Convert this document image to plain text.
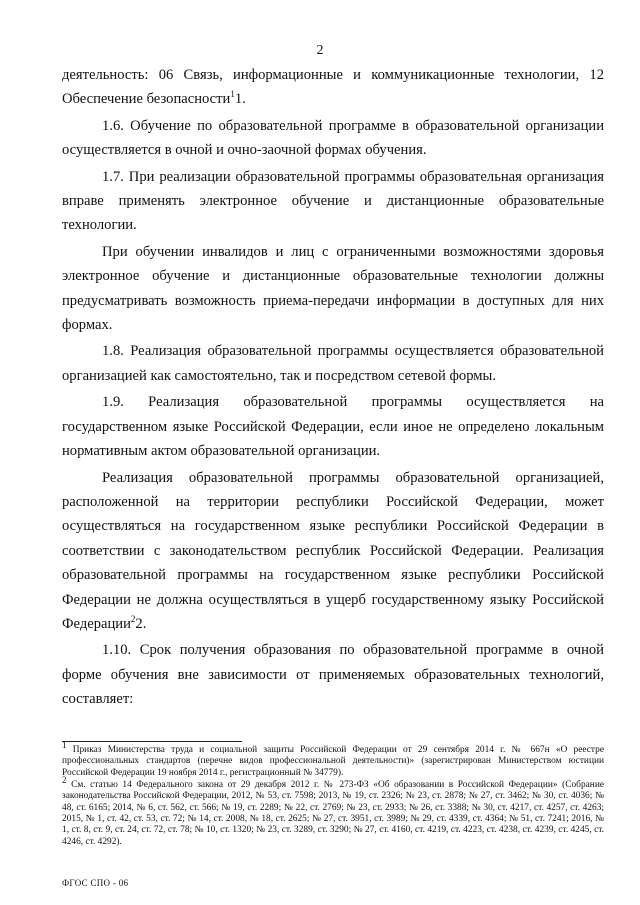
2

деятельность: 06 Связь, информационные и коммуникационные технологии, 12 Обеспечение безопасности$^1$1.

1.6. Обучение по образовательной программе в образовательной организации осуществляется в очной и очно-заочной формах обучения.

1.7. При реализации образовательной программы образовательная организация вправе применять электронное обучение и дистанционные образовательные технологии.

При обучении инвалидов и лиц с ограниченными возможностями здоровья электронное обучение и дистанционные образовательные технологии должны предусматривать возможность приема-передачи информации в доступных для них формах.

1.8. Реализация образовательной программы осуществляется образовательной организацией как самостоятельно, так и посредством сетевой формы.

1.9. Реализация образовательной программы осуществляется на государственном языке Российской Федерации, если иное не определено локальным нормативным актом образовательной организации.

Реализация образовательной программы образовательной организацией, расположенной на территории республики Российской Федерации, может осуществляться на государственном языке республики Российской Федерации в соответствии с законодательством республик Российской Федерации. Реализация образовательной программы на государственном языке республики Российской Федерации не должна осуществляться в ущерб государственному языку Российской Федерации$^2$2.

1.10. Срок получения образования по образовательной программе в очной форме обучения вне зависимости от применяемых образовательных технологий, составляет:

$^1$ Приказ Министерства труда и социальной защиты Российской Федерации от 29 сентября 2014 г. № 667н «О реестре профессиональных стандартов (перечне видов профессиональной деятельности)» (зарегистрирован Министерством юстиции Российской Федерации 19 ноября 2014 г., регистрационный № 34779).
$^2$ См. статью 14 Федерального закона от 29 декабря 2012 г. № 273-ФЗ «Об образовании в Российской Федерации» (Собрание законодательства Российской Федерации, 2012, № 53, ст. 7598; 2013, № 19, ст. 2326; № 23, ст. 2878; № 27, ст. 3462; № 30, ст. 4036; № 48, ст. 6165; 2014, № 6, ст. 562, ст. 566; № 19, ст. 2289; № 22, ст. 2769; № 23, ст. 2933; № 26, ст. 3388; № 30, ст. 4217, ст. 4257, ст. 4263; 2015, № 1, ст. 42, ст. 53, ст. 72; № 14, ст. 2008, № 18, ст. 2625; № 27, ст. 3951, ст. 3989; № 29, ст. 4339, ст. 4364; № 51, ст. 7241; 2016, № 1, ст. 8, ст. 9, ст. 24, ст. 72, ст. 78; № 10, ст. 1320; № 23, ст. 3289, ст. 3290; № 27, ст. 4160, ст. 4219, ст. 4223, ст. 4238, ст. 4239, ст. 4245, ст. 4246, ст. 4292).
ФГОС СПО - 06
